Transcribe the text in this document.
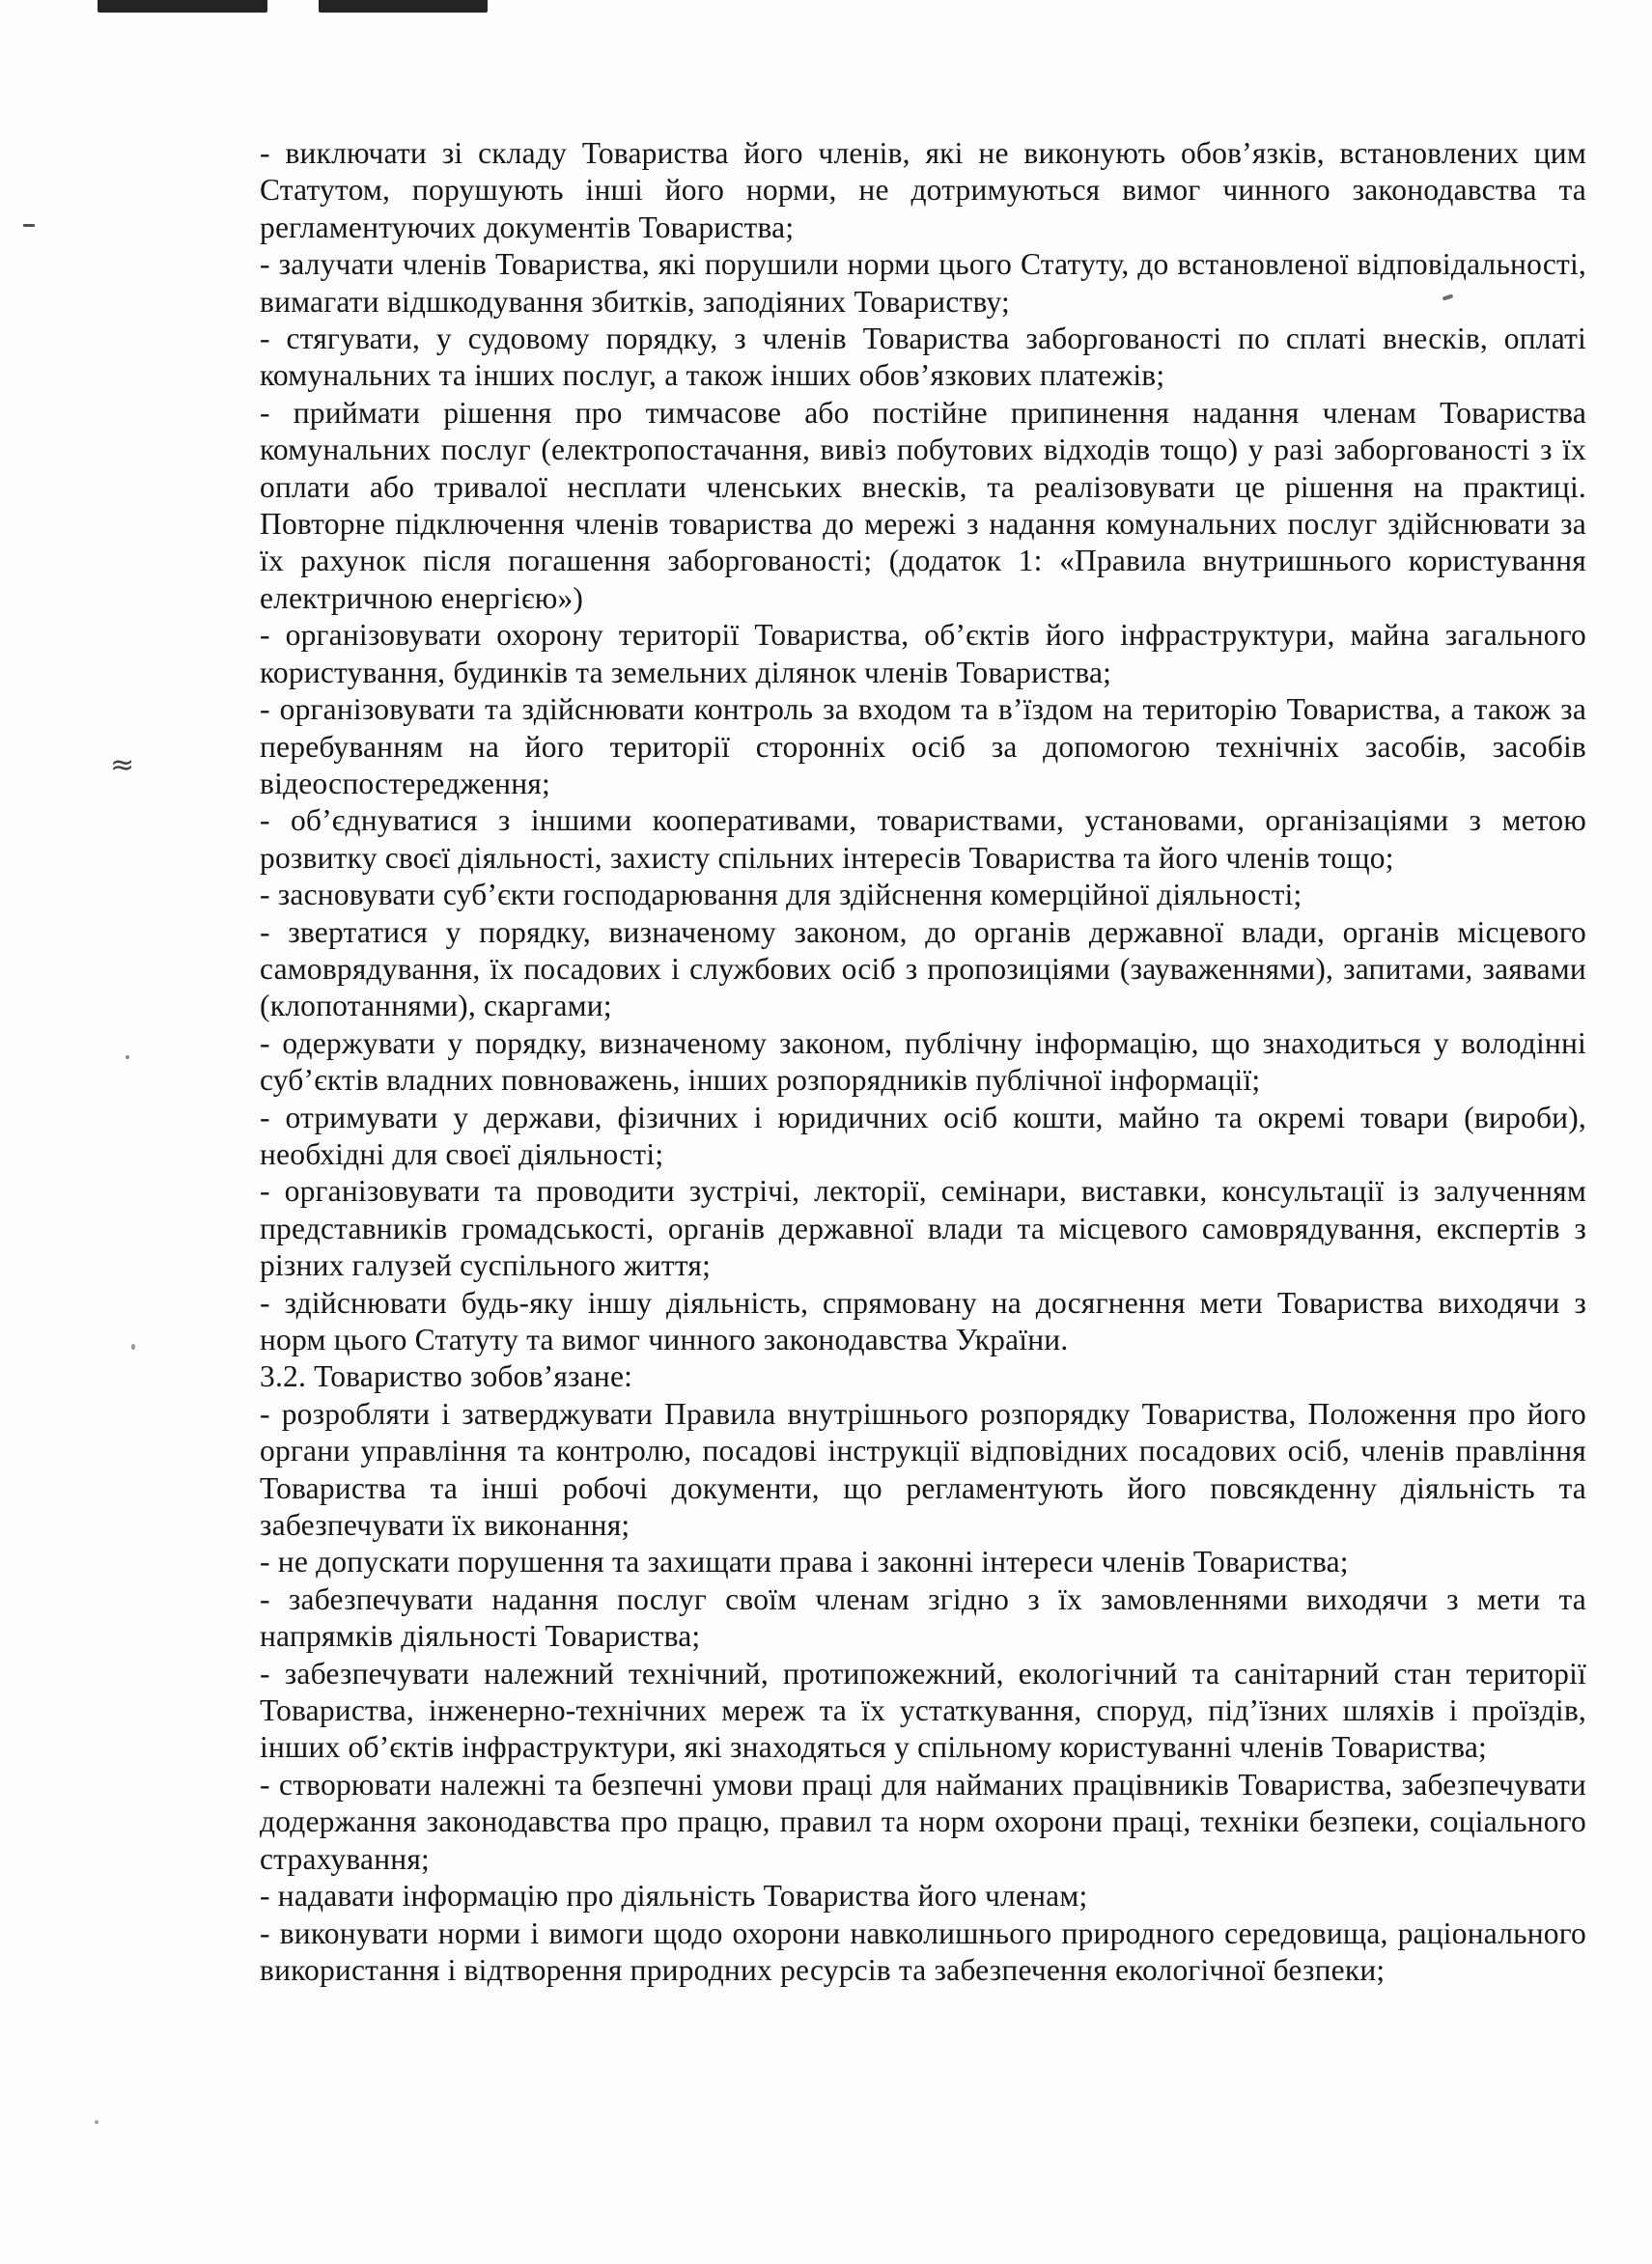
≈

- виключати зі складу Товариства його членів, які не виконують обов’язків, встановлених цим Статутом, порушують інші його норми, не дотримуються вимог чинного законодавства та регламентуючих документів Товариства;

- залучати членів Товариства, які порушили норми цього Статуту, до встановленої відповідальності, вимагати відшкодування збитків, заподіяних Товариству;

- стягувати, у судовому порядку, з членів Товариства заборгованості по сплаті внесків, оплаті комунальних та інших послуг, а також інших обов’язкових платежів;

- приймати рішення про тимчасове або постійне припинення надання членам Товариства комунальних послуг (електропостачання, вивіз побутових відходів тощо) у разі заборгованості з їх оплати або тривалої несплати членських внесків, та реалізовувати це рішення на практиці. Повторне підключення членів товариства до мережі з надання комунальних послуг здійснювати за їх рахунок після погашення заборгованості; (додаток 1: «Правила внутришнього користування електричною енергією»)

- організовувати охорону території Товариства, об’єктів його інфраструктури, майна загального користування, будинків та земельних ділянок членів Товариства;

- організовувати та здійснювати контроль за входом та в’їздом на територію Товариства, а також за перебуванням на його території сторонніх осіб за допомогою технічніх засобів, засобів відеоспостередження;

- об’єднуватися з іншими кооперативами, товариствами, установами, організаціями з метою розвитку своєї діяльності, захисту спільних інтересів Товариства та його членів тощо;

- засновувати суб’єкти господарювання для здійснення комерційної діяльності;

- звертатися у порядку, визначеному законом, до органів державної влади, органів місцевого самоврядування, їх посадових і службових осіб з пропозиціями (зауваженнями), запитами, заявами (клопотаннями), скаргами;

- одержувати у порядку, визначеному законом, публічну інформацію, що знаходиться у володінні суб’єктів владних повноважень, інших розпорядників публічної інформації;

- отримувати у держави, фізичних і юридичних осіб кошти, майно та окремі товари (вироби), необхідні для своєї діяльності;

- організовувати та проводити зустрічі, лекторії, семінари, виставки, консультації із залученням представників громадськості, органів державної влади та місцевого самоврядування, експертів з різних галузей суспільного життя;

- здійснювати будь-яку іншу діяльність, спрямовану на досягнення мети Товариства виходячи з норм цього Статуту та вимог чинного законодавства України.

3.2. Товариство зобов’язане:

- розробляти і затверджувати Правила внутрішнього розпорядку Товариства, Положення про його органи управління та контролю, посадові інструкції відповідних посадових осіб, членів правління Товариства та інші робочі документи, що регламентують його повсякденну діяльність та забезпечувати їх виконання;

- не допускати порушення та захищати права і законні інтереси членів Товариства;

- забезпечувати надання послуг своїм членам згідно з їх замовленнями виходячи з мети та напрямків діяльності Товариства;

- забезпечувати належний технічний, протипожежний, екологічний та санітарний стан території Товариства, інженерно-технічних мереж та їх устаткування, споруд, під’їзних шляхів і проїздів, інших об’єктів інфраструктури, які знаходяться у спільному користуванні членів Товариства;

- створювати належні та безпечні умови праці для найманих працівників Товариства, забезпечувати додержання законодавства про працю, правил та норм охорони праці, техніки безпеки, соціального страхування;

- надавати інформацію про діяльність Товариства його членам;

- виконувати норми і вимоги щодо охорони навколишнього природного середовища, раціонального використання і відтворення природних ресурсів та забезпечення екологічної безпеки;
